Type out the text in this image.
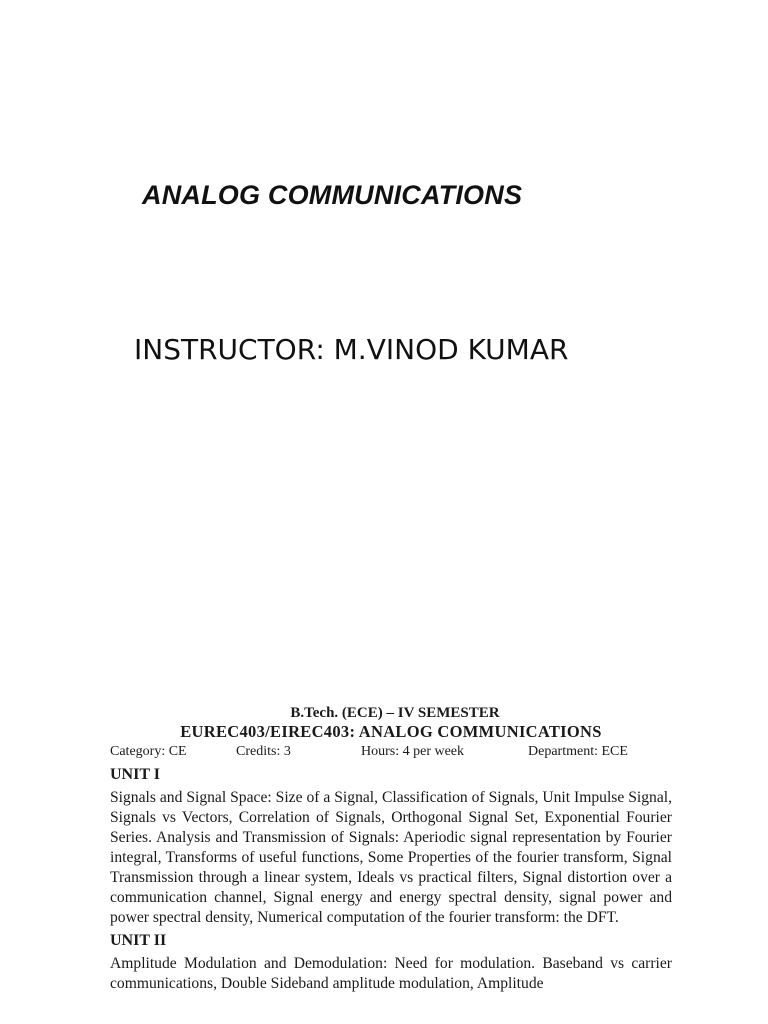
ANALOG COMMUNICATIONS
INSTRUCTOR: M.VINOD KUMAR
B.Tech. (ECE) – IV SEMESTER
EUREC403/EIREC403: ANALOG COMMUNICATIONS
Category: CE	Credits: 3	Hours: 4 per week	Department: ECE
UNIT I
Signals and Signal Space: Size of a Signal, Classification of Signals, Unit Impulse Signal, Signals vs Vectors, Correlation of Signals, Orthogonal Signal Set, Exponential Fourier Series. Analysis and Transmission of Signals: Aperiodic signal representation by Fourier integral, Transforms of useful functions, Some Properties of the fourier transform, Signal Transmission through a linear system, Ideals vs practical filters, Signal distortion over a communication channel, Signal energy and energy spectral density, signal power and power spectral density, Numerical computation of the fourier transform: the DFT.
UNIT II
Amplitude Modulation and Demodulation: Need for modulation. Baseband vs carrier communications, Double Sideband amplitude modulation, Amplitude
